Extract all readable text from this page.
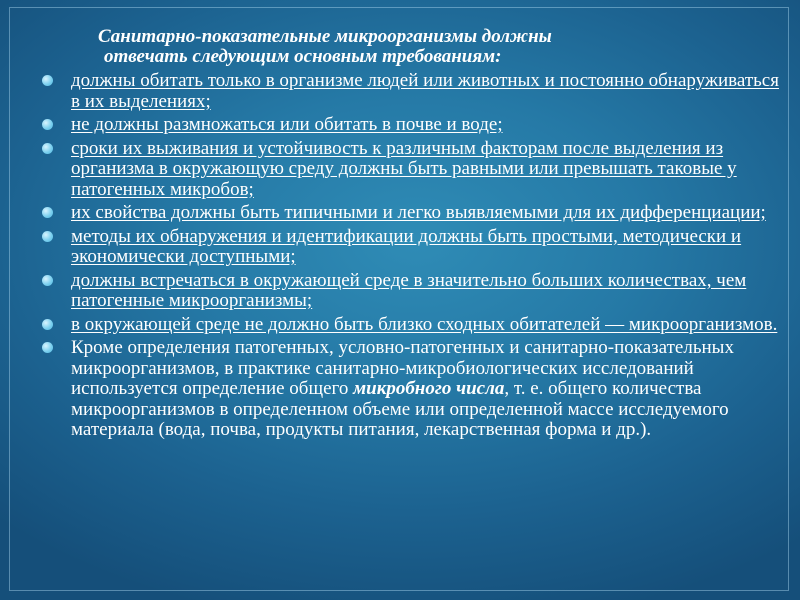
Санитарно-показательные микроорганизмы должны
отвечать следующим основным требованиям:
должны обитать только в организме людей или животных и постоянно обнаруживаться в их выделениях;
не должны размножаться или обитать в почве и воде;
сроки их выживания и устойчивость к различным факторам после выделения из организма в окружающую среду должны быть равными или превышать таковые у патогенных микробов;
их свойства должны быть типичными и легко выявляемыми для их дифференциации;
методы их обнаружения и идентификации должны быть простыми, методически и экономически доступными;
должны встречаться в окружающей среде в значительно больших количествах, чем патогенные микроорганизмы;
в окружающей среде не должно быть близко сходных обитателей — микроорганизмов.
Кроме определения патогенных, условно-патогенных и санитарно-показательных микроорганизмов, в практике санитарно-микробиологических исследований используется определение общего микробного числа, т. е. общего количества микроорганизмов в определенном объеме или определенной массе исследуемого материала (вода, почва, продукты питания, лекарственная форма и др.).
